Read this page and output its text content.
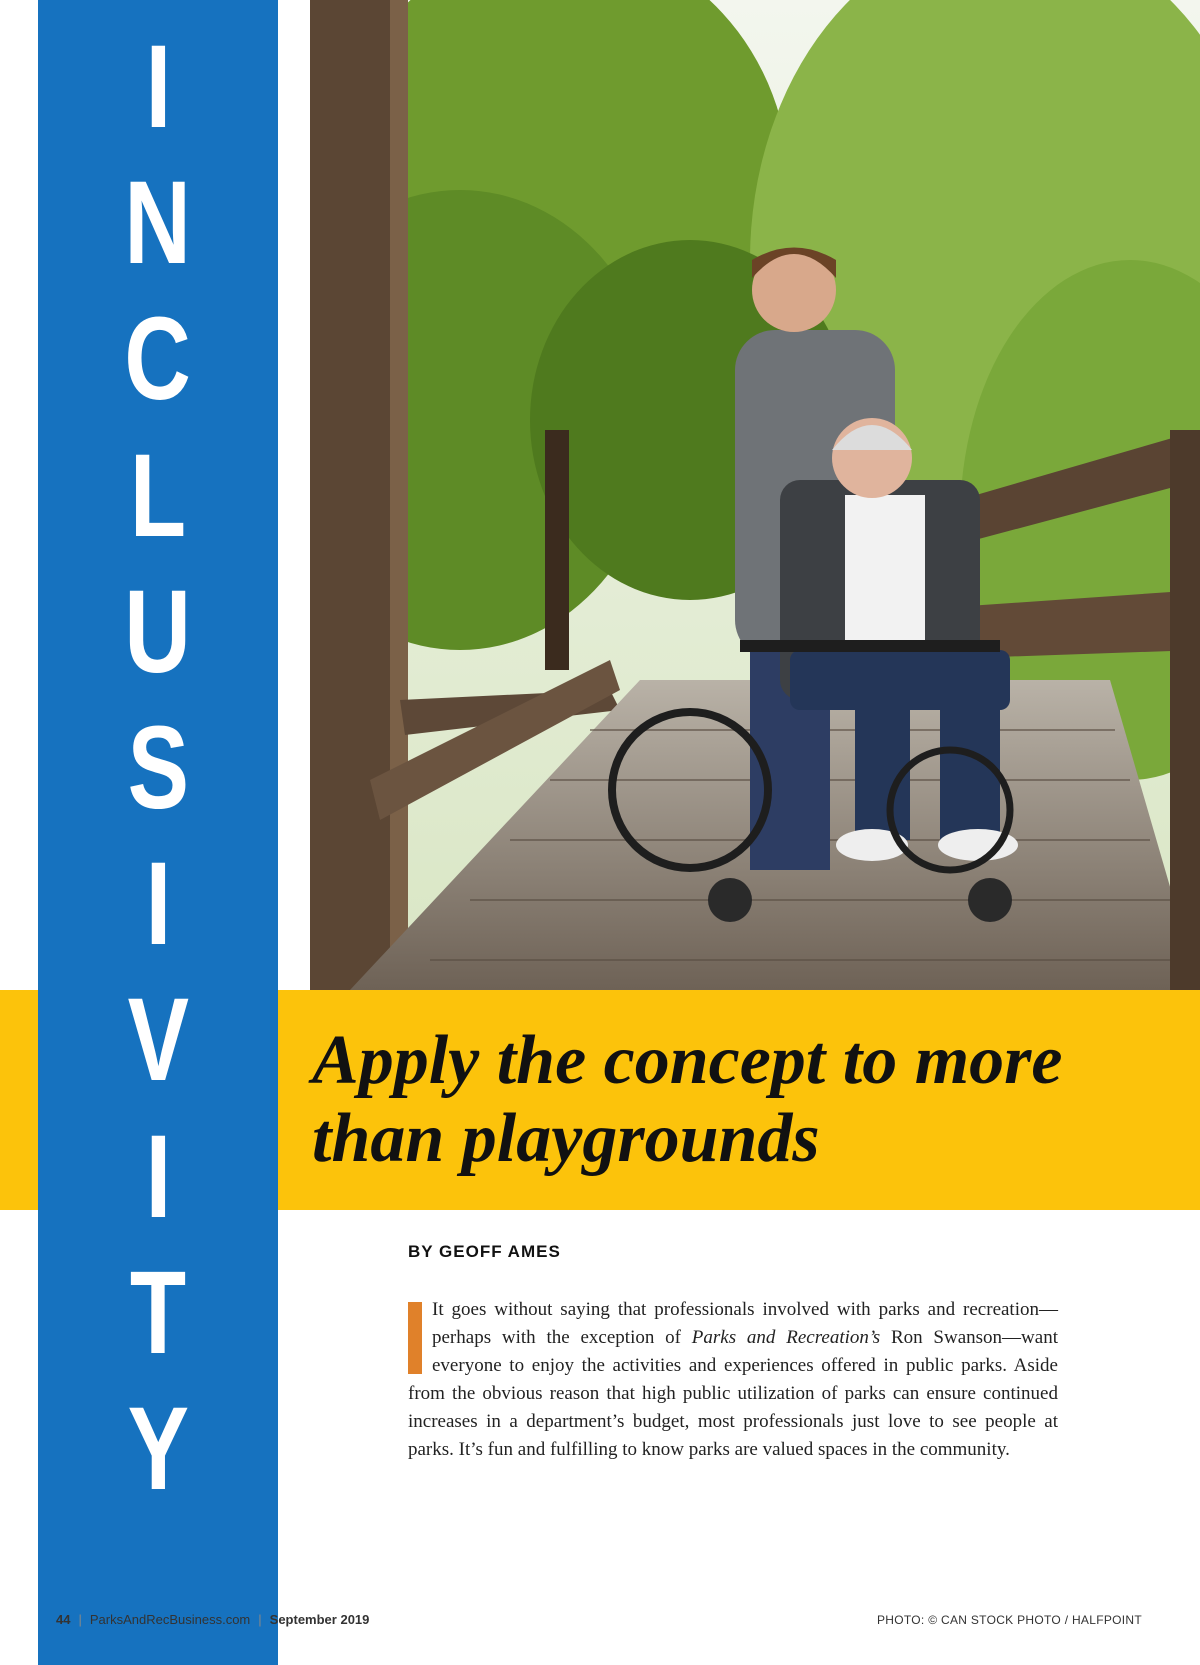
I
N
C
L
U
S
I
V
I
T
Y
Apply the concept to more than playgrounds

BY GEOFF AMES

It goes without saying that professionals involved with parks and recreation—perhaps with the exception of Parks and Recreation’s Ron Swanson—want everyone to enjoy the activities and experiences offered in public parks. Aside from the obvious reason that high public utilization of parks can ensure continued increases in a department’s budget, most professionals just love to see people at parks. It’s fun and fulfilling to know parks are valued spaces in the community.

44 | ParksAndRecBusiness.com | September 2019	PHOTO: © CAN STOCK PHOTO / HALFPOINT
